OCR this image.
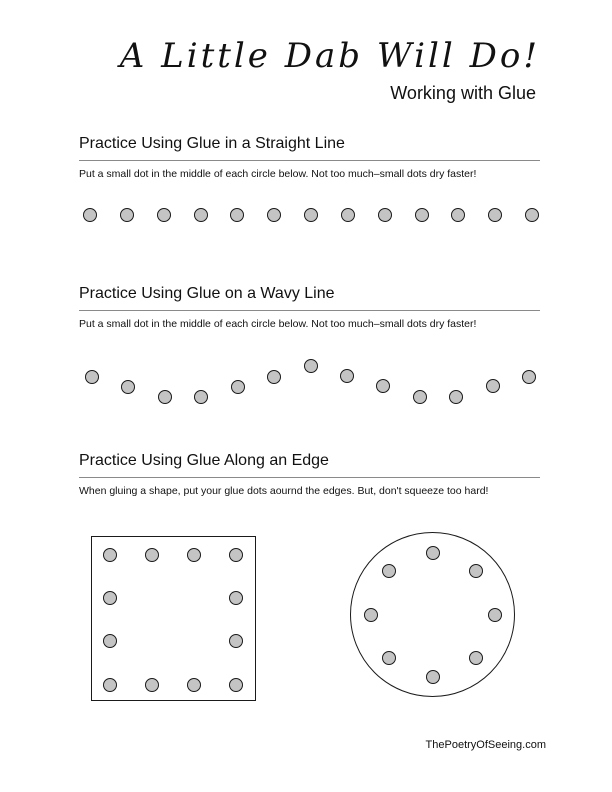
A Little Dab Will Do!
Working with Glue
Practice Using Glue in a Straight Line

Put a small dot in the middle of each circle below. Not too much–small dots dry faster!

Practice Using Glue on a Wavy Line

Put a small dot in the middle of each circle below. Not too much–small dots dry faster!

Practice Using Glue Along an Edge

When gluing a shape, put your glue dots aournd the edges. But, don't squeeze too hard!

ThePoetryOfSeeing.com
